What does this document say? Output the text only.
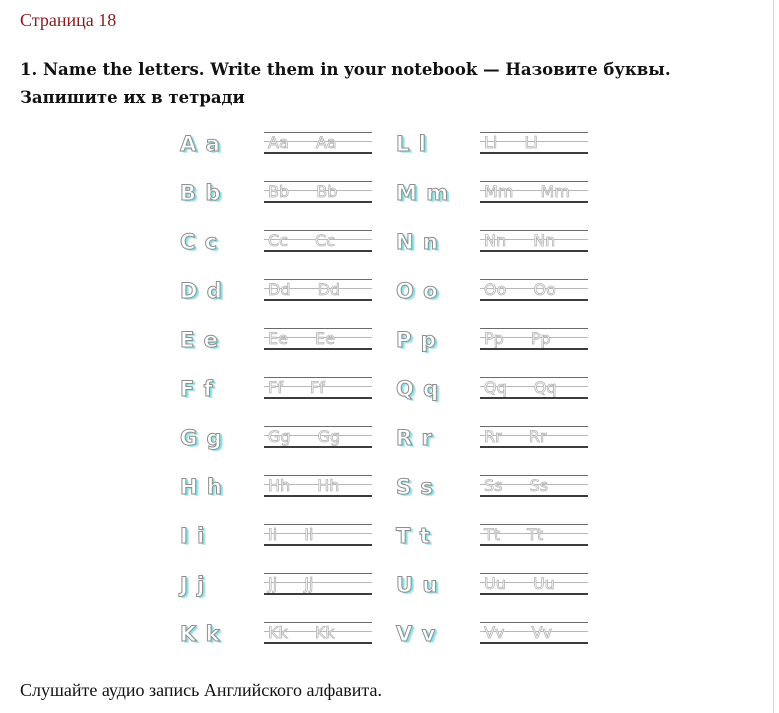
Страница 18
1. Name the letters. Write them in your notebook — Назовите буквы. Запишите их в тетради
A a	Aa Aa
B b	Bb Bb
C c	Cc Cc
D d	Dd Dd
E e	Ee Ee
F f	Ff Ff
G g	Gg Gg
H h	Hh Hh
I i	Ii Ii
J j	Jj Jj
K k	Kk Kk
L l	Ll Ll
M m	Mm Mm
N n	Nn Nn
O o	Oo Oo
P p	Pp Pp
Q q	Qq Qq
R r	Rr Rr
S s	Ss Ss
T t	Tt Tt
U u	Uu Uu
V v	Vv Vv

Слушайте аудио запись Английского алфавита.
